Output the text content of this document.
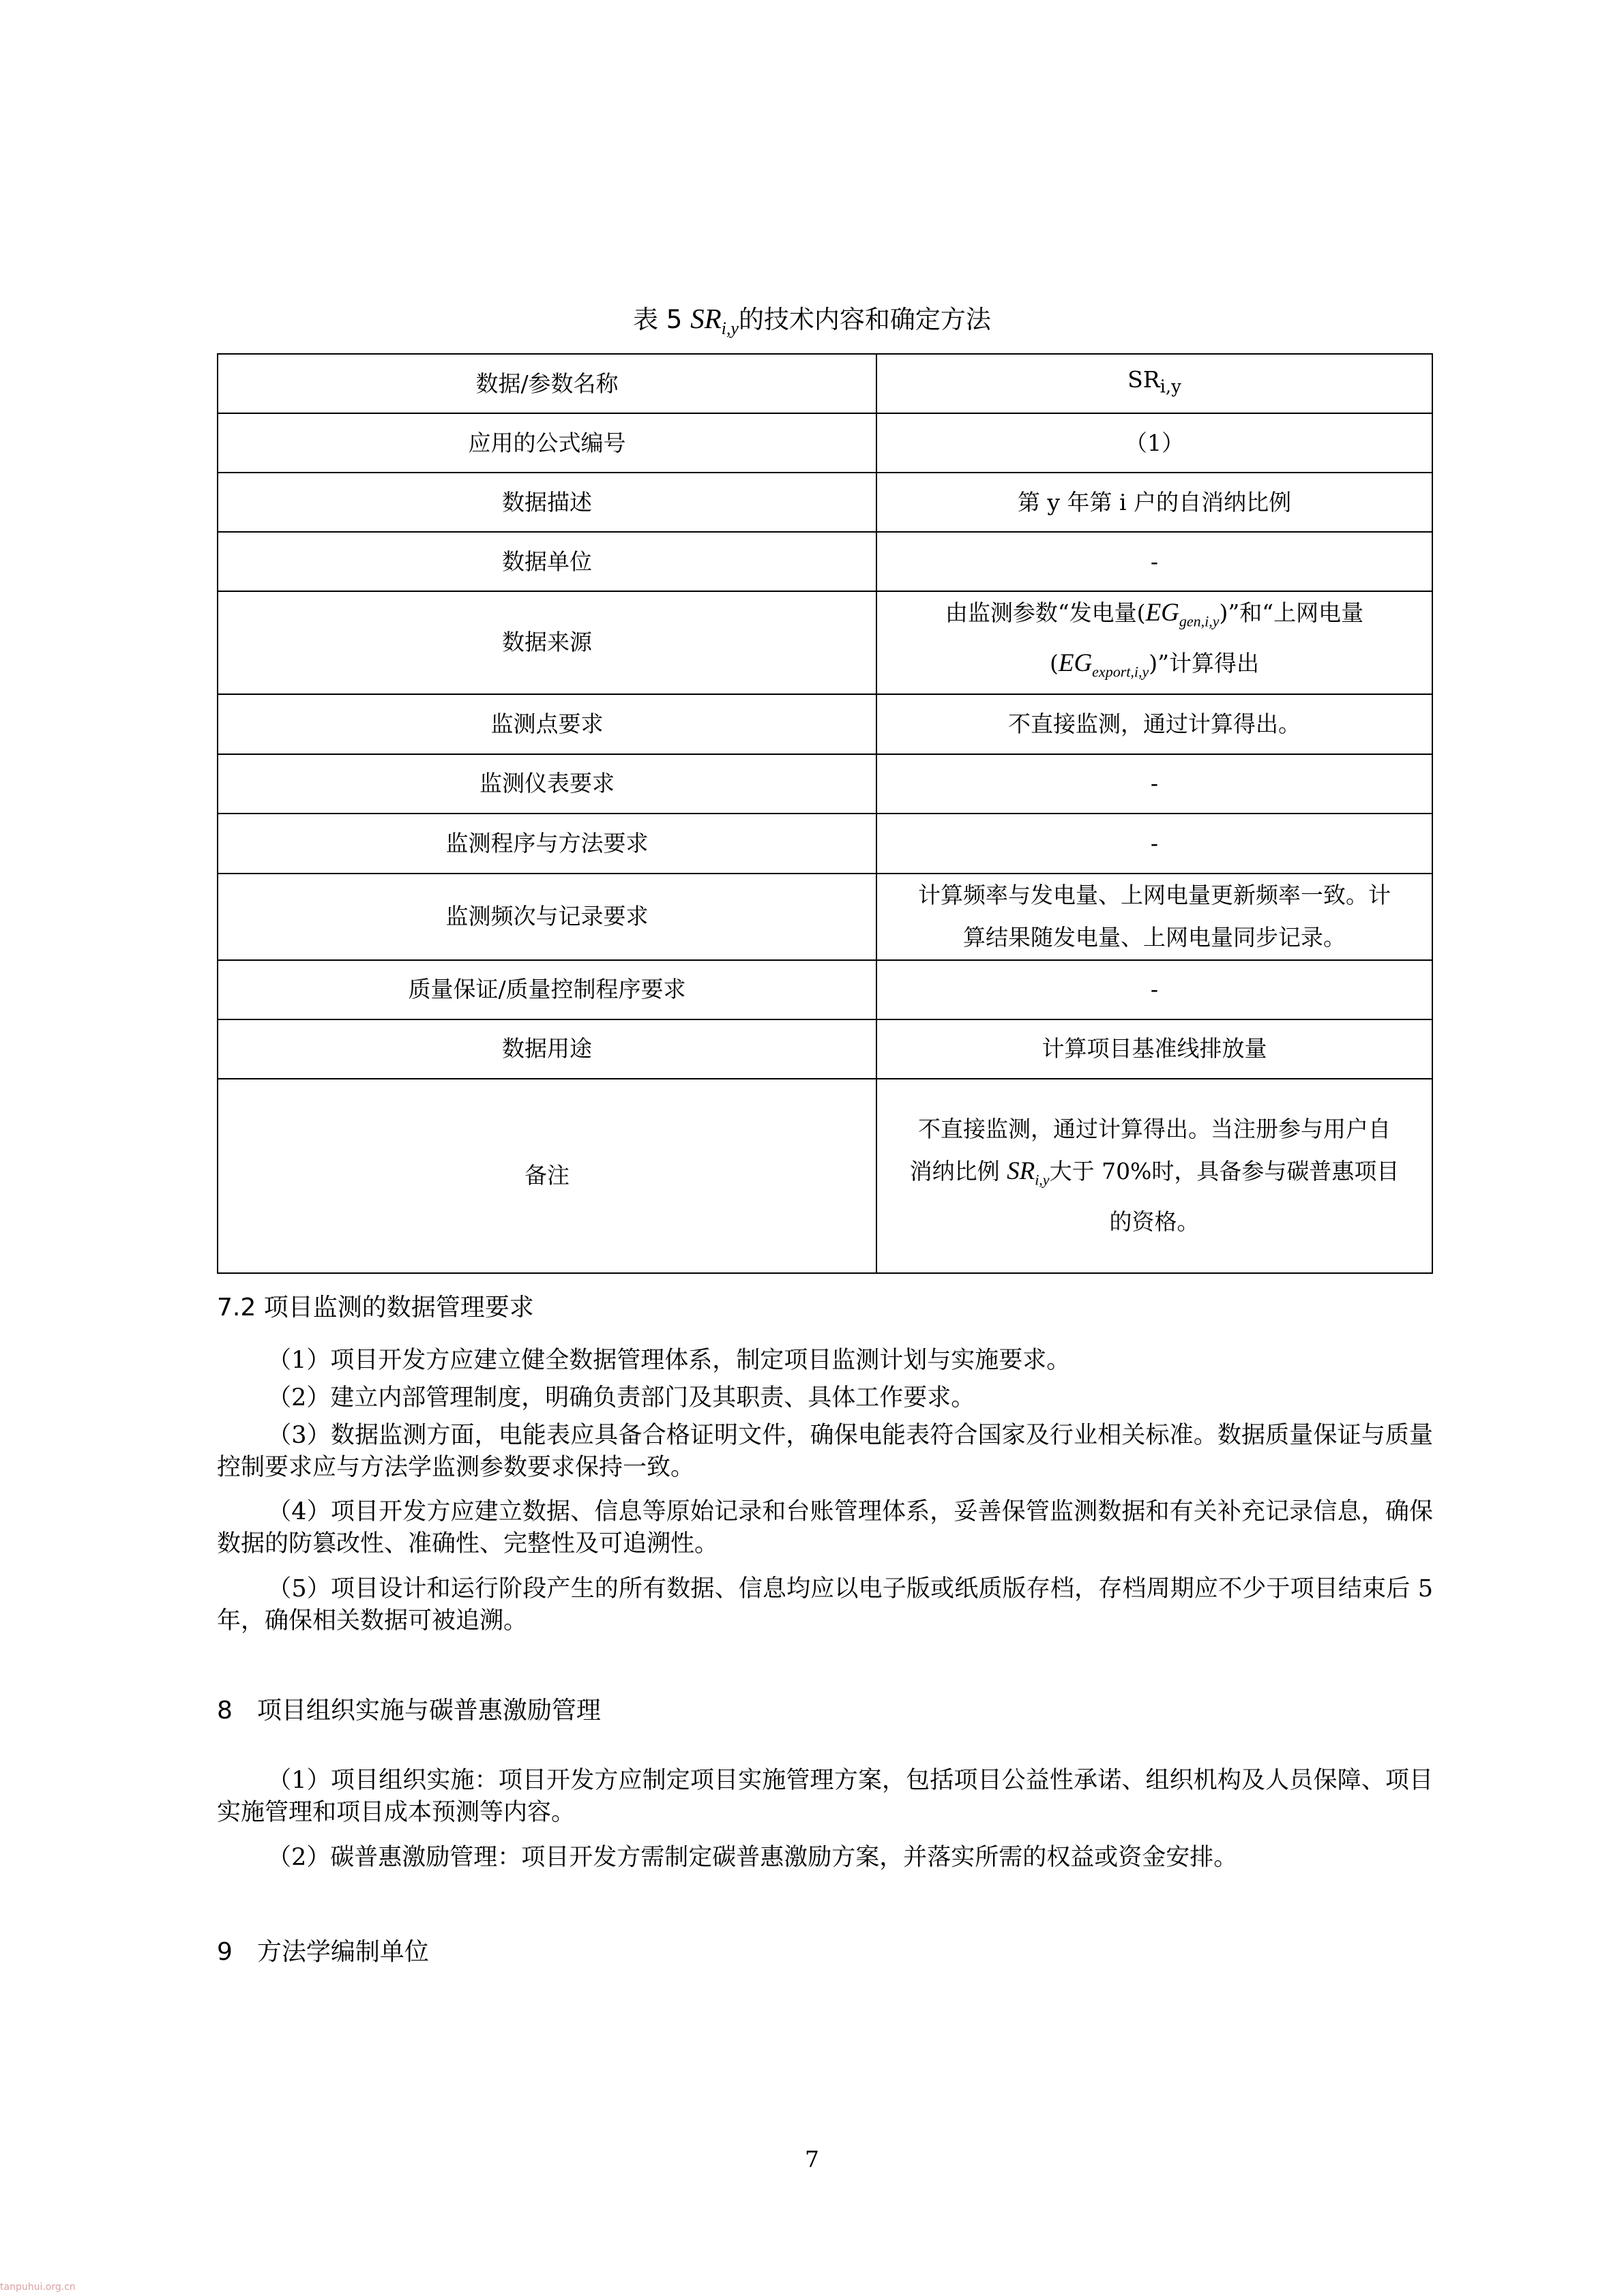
表 5 $SR_{i,y}$的技术内容和确定方法
数据/参数名称	$SR_{i,y}$
应用的公式编号	（1）
数据描述	第 y 年第 i 户的自消纳比例
数据单位	-
数据来源	由监测参数“发电量$(EG_{gen,i,y})$”和“上网电量
$(EG_{export,i,y})$”计算得出

监测点要求	不直接监测，通过计算得出。
监测仪表要求	-
监测程序与方法要求	-
监测频次与记录要求	计算频率与发电量、上网电量更新频率一致。计
算结果随发电量、上网电量同步记录。

质量保证/质量控制程序要求	-
数据用途	计算项目基准线排放量
备注	不直接监测，通过计算得出。当注册参与用户自
消纳比例 $SR_{i,y}$大于 70%时，具备参与碳普惠项目
的资格。
7.2 项目监测的数据管理要求
（1）项目开发方应建立健全数据管理体系，制定项目监测计划与实施要求。
（2）建立内部管理制度，明确负责部门及其职责、具体工作要求。
（3）数据监测方面，电能表应具备合格证明文件，确保电能表符合国家及行业相关标准。数据质量保证与质量控制要求应与方法学监测参数要求保持一致。
（4）项目开发方应建立数据、信息等原始记录和台账管理体系，妥善保管监测数据和有关补充记录信息，确保数据的防篡改性、准确性、完整性及可追溯性。
（5）项目设计和运行阶段产生的所有数据、信息均应以电子版或纸质版存档，存档周期应不少于项目结束后 5 年，确保相关数据可被追溯。
8　项目组织实施与碳普惠激励管理
（1）项目组织实施：项目开发方应制定项目实施管理方案，包括项目公益性承诺、组织机构及人员保障、项目实施管理和项目成本预测等内容。
（2）碳普惠激励管理：项目开发方需制定碳普惠激励方案，并落实所需的权益或资金安排。
9　方法学编制单位
7
tanpuhui.org.cn
